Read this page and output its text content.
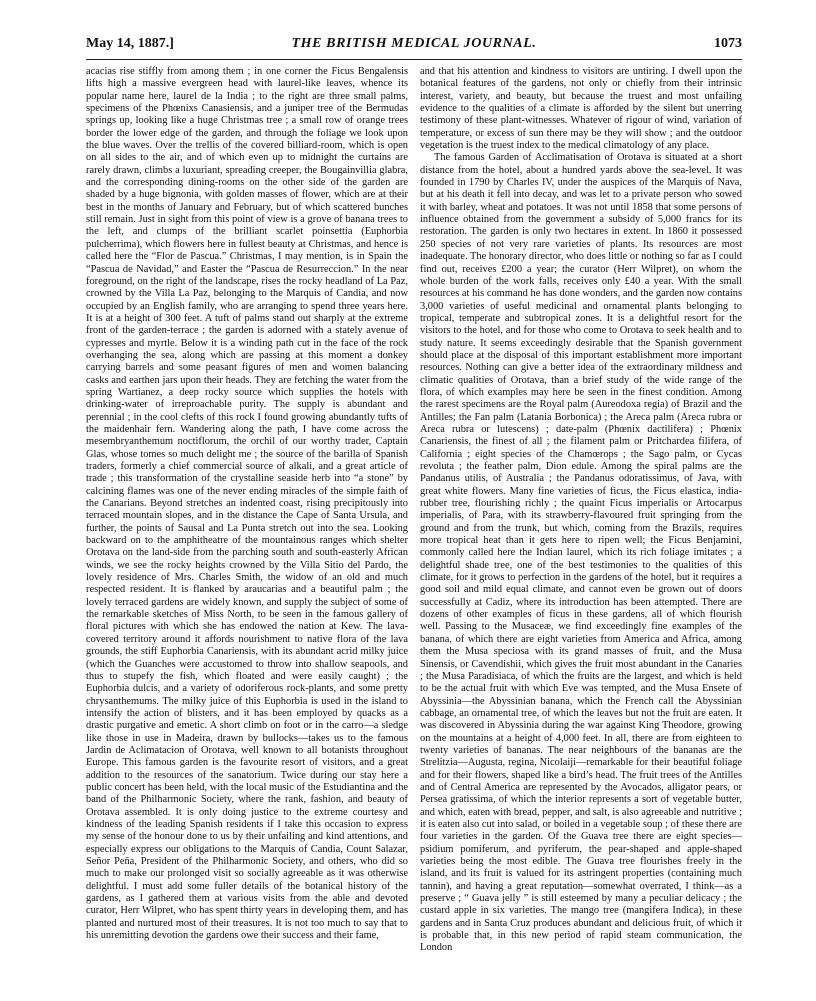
May 14, 1887.]	THE BRITISH MEDICAL JOURNAL.	1073

acacias rise stiffly from among them ; in one corner the Ficus Bengalensis lifts high a massive evergreen head with laurel-like leaves, whence its popular name here, laurel de la India ; to the right are three small palms, specimens of the Phœnixs Canasiensis, and a juniper tree of the Bermudas springs up, looking like a huge Christmas tree ; a small row of orange trees border the lower edge of the garden, and through the foliage we look upon the blue waves. Over the trellis of the covered billiard-room, which is open on all sides to the air, and of which even up to midnight the curtains are rarely drawn, climbs a luxuriant, spreading creeper, the Bougainvillia glabra, and the corresponding dining-rooms on the other side of the garden are shaded by a huge bignonia, with golden masses of flower, which are at their best in the months of January and February, but of which scattered bunches still remain. Just in sight from this point of view is a grove of banana trees to the left, and clumps of the brilliant scarlet poinsettia (Euphorbia pulcherrima), which flowers here in fullest beauty at Christmas, and hence is called here the “Flor de Pascua.” Christmas, I may mention, is in Spain the “Pascua de Navidad,” and Easter the “Pascua de Resurreccion.” In the near foreground, on the right of the landscape, rises the rocky headland of La Paz, crowned by the Villa La Paz, belonging to the Marquis of Candia, and now occupied by an English family, who are arranging to spend three years here. It is at a height of 300 feet. A tuft of palms stand out sharply at the extreme front of the garden-terrace ; the garden is adorned with a stately avenue of cypresses and myrtle. Below it is a winding path cut in the face of the rock overhanging the sea, along which are passing at this moment a donkey carrying barrels and some peasant figures of men and women balancing casks and earthen jars upon their heads. They are fetching the water from the spring Wartianez, a deep rocky source which supplies the hotels with drinking-water of irreproachable purity. The supply is abundant and perennial ; in the cool clefts of this rock I found growing abundantly tufts of the maidenhair fern. Wandering along the path, I have come across the mesembryanthemum noctiflorum, the orchil of our worthy trader, Captain Glas, whose tomes so much delight me ; the source of the barilla of Spanish traders, formerly a chief commercial source of alkali, and a great article of trade ; this transformation of the crystalline seaside herb into “a stone” by calcining flames was one of the never ending miracles of the simple faith of the Canarians. Beyond stretches an indented coast, rising precipitously into terraced mountain slopes, and in the distance the Cape of Santa Ursula, and further, the points of Sausal and La Punta stretch out into the sea. Looking backward on to the amphitheatre of the mountainous ranges which shelter Orotava on the land-side from the parching south and south-easterly African winds, we see the rocky heights crowned by the Villa Sitio del Pardo, the lovely residence of Mrs. Charles Smith, the widow of an old and much respected resident. It is flanked by araucarias and a beautiful palm ; the lovely terraced gardens are widely known, and supply the subject of some of the remarkable sketches of Miss North, to be seen in the famous gallery of floral pictures with which she has endowed the nation at Kew. The lava-covered territory around it affords nourishment to native flora of the lava grounds, the stiff Euphorbia Canariensis, with its abundant acrid milky juice (which the Guanches were accustomed to throw into shallow seapools, and thus to stupefy the fish, which floated and were easily caught) ; the Euphorbia dulcis, and a variety of odoriferous rock-plants, and some pretty chrysanthemums. The milky juice of this Euphorbia is used in the island to intensify the action of blisters, and it has been employed by quacks as a drastic purgative and emetic. A short climb on foot or in the carro—a sledge like those in use in Madeira, drawn by bullocks—takes us to the famous Jardin de Aclimatacion of Orotava, well known to all botanists throughout Europe. This famous garden is the favourite resort of visitors, and a great addition to the resources of the sanatorium. Twice during our stay here a public concert has been held, with the local music of the Estudiantina and the band of the Philharmonic Society, where the rank, fashion, and beauty of Orotava assembled. It is only doing justice to the extreme courtesy and kindness of the leading Spanish residents if I take this occasion to express my sense of the honour done to us by their unfailing and kind attentions, and especially express our obligations to the Marquis of Candia, Count Salazar, Señor Peña, President of the Philharmonic Society, and others, who did so much to make our prolonged visit so socially agreeable as it was otherwise delightful. I must add some fuller details of the botanical history of the gardens, as I gathered them at various visits from the able and devoted curator, Herr Wilpret, who has spent thirty years in developing them, and has planted and nurtured most of their treasures. It is not too much to say that to his unremitting devotion the gardens owe their success and their fame,

and that his attention and kindness to visitors are untiring. I dwell upon the botanical features of the gardens, not only or chiefly from their intrinsic interest, variety, and beauty, but because the truest and most unfailing evidence to the qualities of a climate is afforded by the silent but unerring testimony of these plant-witnesses. Whatever of rigour of wind, variation of temperature, or excess of sun there may be they will show ; and the outdoor vegetation is the truest index to the medical climatology of any place.

The famous Garden of Acclimatisation of Orotava is situated at a short distance from the hotel, about a hundred yards above the sea-level. It was founded in 1790 by Charles IV, under the auspices of the Marquis of Nava, but at his death it fell into decay, and was let to a private person who sowed it with barley, wheat and potatoes. It was not until 1858 that some persons of influence obtained from the government a subsidy of 5,000 francs for its restoration. The garden is only two hectares in extent. In 1860 it possessed 250 species of not very rare varieties of plants. Its resources are most inadequate. The honorary director, who does little or nothing so far as I could find out, receives £200 a year; the curator (Herr Wilpret), on whom the whole burden of the work falls, receives only £40 a year. With the small resources at his command he has done wonders, and the garden now contains 3,000 varieties of useful medicinal and ornamental plants belonging to tropical, temperate and subtropical zones. It is a delightful resort for the visitors to the hotel, and for those who come to Orotava to seek health and to study nature. It seems exceedingly desirable that the Spanish government should place at the disposal of this important establishment more important resources. Nothing can give a better idea of the extraordinary mildness and climatic qualities of Orotava, than a brief study of the wide range of the flora, of which examples may here be seen in the finest condition. Among the rarest specimens are the Royal palm (Aureodoxa regia) of Brazil and the Antilles; the Fan palm (Latania Borbonica) ; the Areca palm (Areca rubra or Areca rubra or lutescens) ; date-palm (Phœnix dactilifera) ; Phœnix Canariensis, the finest of all ; the filament palm or Pritchardea filifera, of California ; eight species of the Chamœrops ; the Sago palm, or Cycas revoluta ; the feather palm, Dion edule. Among the spiral palms are the Pandanus utilis, of Australia ; the Pandanus odoratissimus, of Java, with great white flowers. Many fine varieties of ficus, the Ficus elastica, india-rubber tree, flourishing richly ; the quaint Ficus imperialis or Artocarpus imperialis, of Para, with its strawberry-flavoured fruit springing from the ground and from the trunk, but which, coming from the Brazils, requires more tropical heat than it gets here to ripen well; the Ficus Benjamini, commonly called here the Indian laurel, which its rich foliage imitates ; a delightful shade tree, one of the best testimonies to the qualities of this climate, for it grows to perfection in the gardens of the hotel, but it requires a good soil and mild equal climate, and cannot even be grown out of doors successfully at Cadiz, where its introduction has been attempted. There are dozens of other examples of ficus in these gardens, all of which flourish well. Passing to the Musaceæ, we find exceedingly fine examples of the banana, of which there are eight varieties from America and Africa, among them the Musa speciosa with its grand masses of fruit, and the Musa Sinensis, or Cavendishii, which gives the fruit most abundant in the Canaries ; the Musa Paradisiaca, of which the fruits are the largest, and which is held to be the actual fruit with which Eve was tempted, and the Musa Ensete of Abyssinia—the Abyssinian banana, which the French call the Abyssinian cabbage, an ornamental tree, of which the leaves but not the fruit are eaten. It was discovered in Abyssinia during the war against King Theodore, growing on the mountains at a height of 4,000 feet. In all, there are from eighteen to twenty varieties of bananas. The near neighbours of the bananas are the Strelitzia—Augusta, regina, Nicolaiji—remarkable for their beautiful foliage and for their flowers, shaped like a bird’s head. The fruit trees of the Antilles and of Central America are represented by the Avocados, alligator pears, or Persea gratissima, of which the interior represents a sort of vegetable butter, and which, eaten with bread, pepper, and salt, is also agreeable and nutritive ; it is eaten also cut into salad, or boiled in a vegetable soup ; of these there are four varieties in the garden. Of the Guava tree there are eight species—psidium pomiferum, and pyriferum, the pear-shaped and apple-shaped varieties being the most edible. The Guava tree flourishes freely in the island, and its fruit is valued for its astringent properties (containing much tannin), and having a great reputation—somewhat overrated, I think—as a preserve ; “ Guava jelly ” is still esteemed by many a peculiar delicacy ; the custard apple in six varieties. The mango tree (mangifera Indica), in these gardens and in Santa Cruz produces abundant and delicious fruit, of which it is probable that, in this new period of rapid steam communication, the London
